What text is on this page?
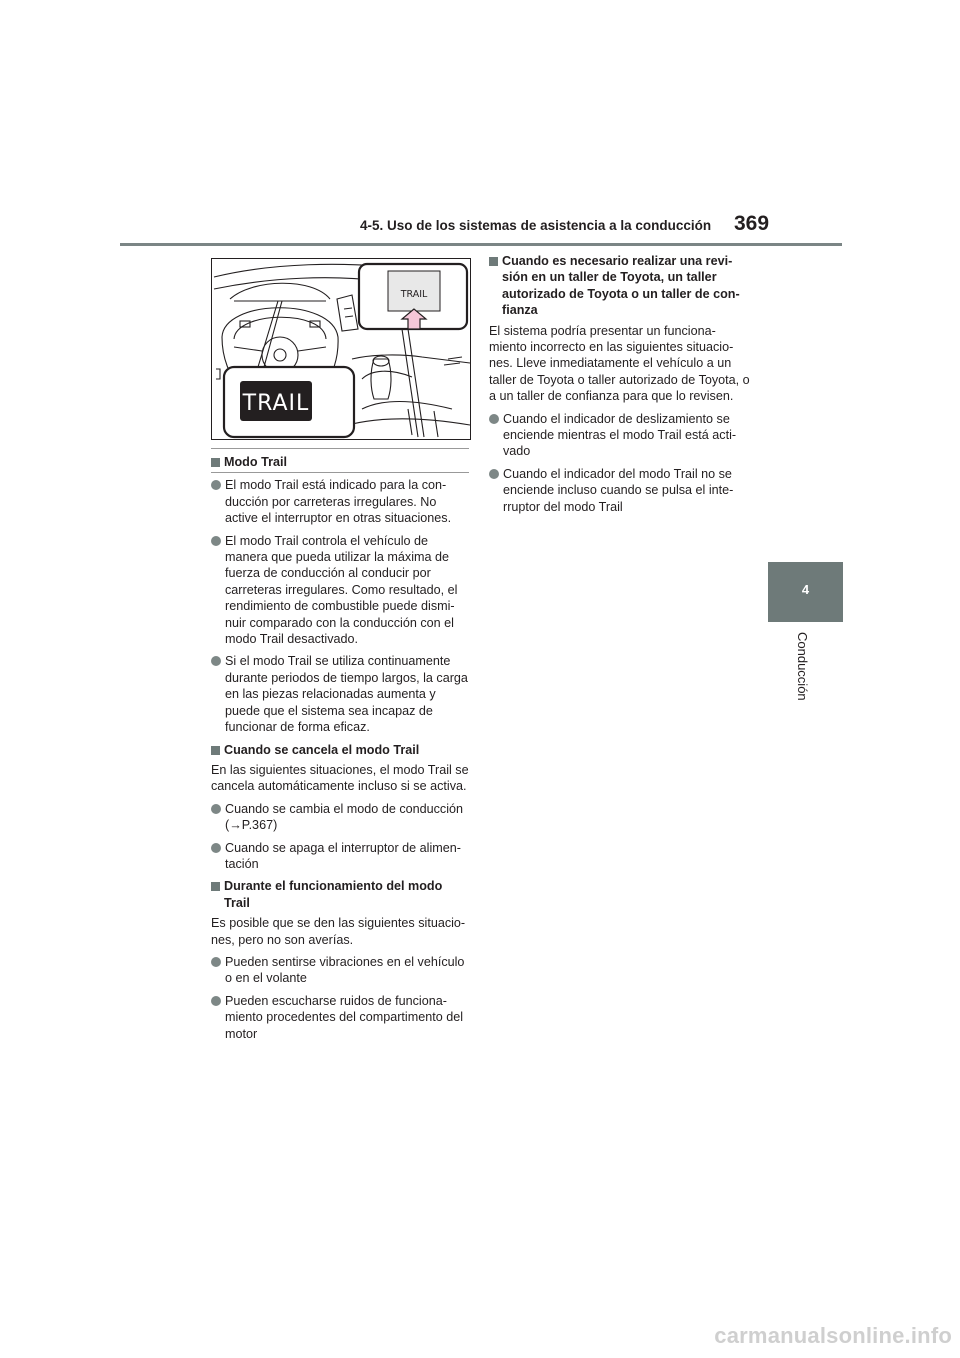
4-5. Uso de los sistemas de asistencia a la conducción 369
4
Conducción
TRAIL
TRAIL

Modo Trail

El modo Trail está indicado para la con- ducción por carreteras irregulares. No active el interruptor en otras situaciones.

El modo Trail controla el vehículo de manera que pueda utilizar la máxima de fuerza de conducción al conducir por carreteras irregulares. Como resultado, el rendimiento de combustible puede dismi- nuir comparado con la conducción con el modo Trail desactivado.

Si el modo Trail se utiliza continuamente durante periodos de tiempo largos, la carga en las piezas relacionadas aumenta y puede que el sistema sea incapaz de funcionar de forma eficaz.

Cuando se cancela el modo Trail

En las siguientes situaciones, el modo Trail se cancela automáticamente incluso si se activa.

Cuando se cambia el modo de conducción (→P.367)

Cuando se apaga el interruptor de alimen- tación

Durante el funcionamiento del modo Trail

Es posible que se den las siguientes situacio- nes, pero no son averías.

Pueden sentirse vibraciones en el vehículo o en el volante

Pueden escucharse ruidos de funciona- miento procedentes del compartimento del motor

Cuando es necesario realizar una revi- sión en un taller de Toyota, un taller autorizado de Toyota o un taller de con- fianza

El sistema podría presentar un funciona- miento incorrecto en las siguientes situacio- nes. Lleve inmediatamente el vehículo a un taller de Toyota o taller autorizado de Toyota, o a un taller de confianza para que lo revisen.

Cuando el indicador de deslizamiento se enciende mientras el modo Trail está acti- vado

Cuando el indicador del modo Trail no se enciende incluso cuando se pulsa el inte- rruptor del modo Trail

carmanualsonline.info
